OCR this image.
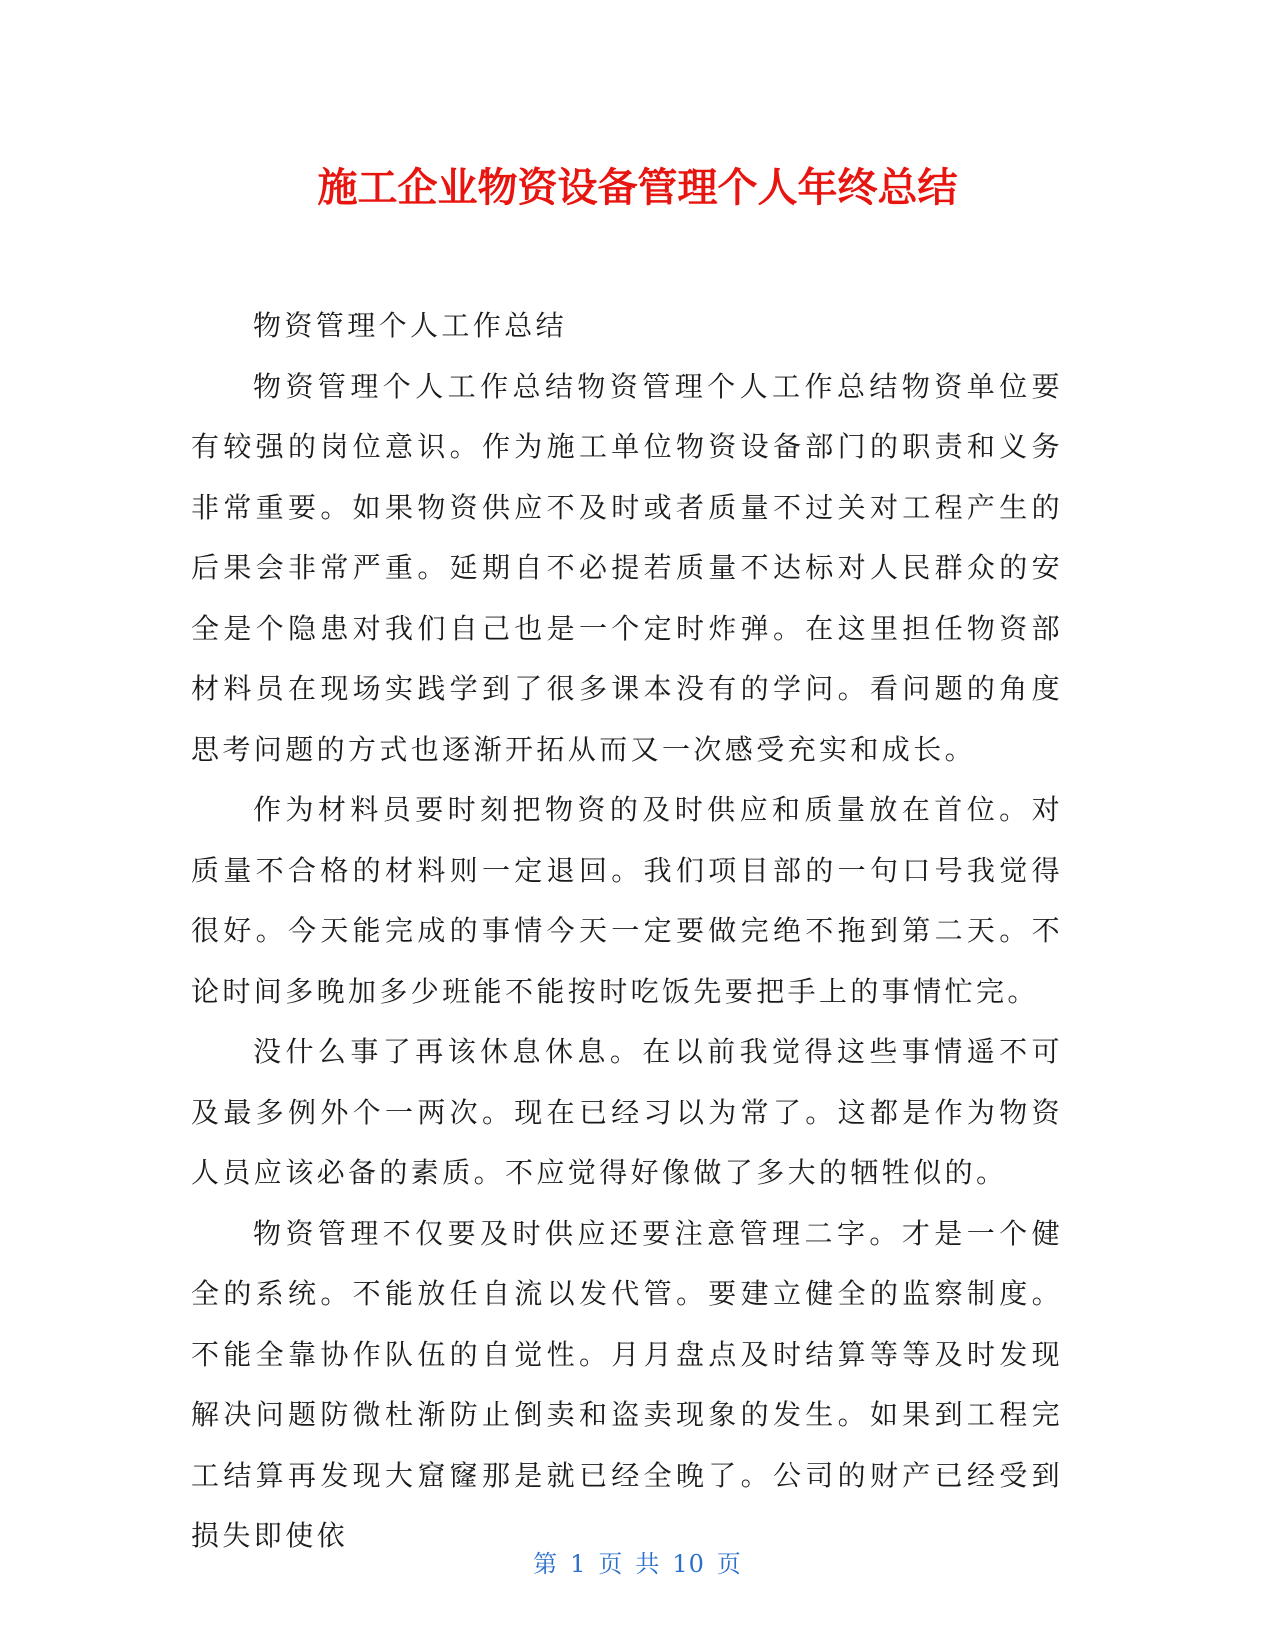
施工企业物资设备管理个人年终总结

物资管理个人工作总结

物资管理个人工作总结物资管理个人工作总结物资单位要有较强的岗位意识。作为施工单位物资设备部门的职责和义务非常重要。如果物资供应不及时或者质量不过关对工程产生的后果会非常严重。延期自不必提若质量不达标对人民群众的安全是个隐患对我们自己也是一个定时炸弹。在这里担任物资部材料员在现场实践学到了很多课本没有的学问。看问题的角度思考问题的方式也逐渐开拓从而又一次感受充实和成长。

作为材料员要时刻把物资的及时供应和质量放在首位。对质量不合格的材料则一定退回。我们项目部的一句口号我觉得很好。今天能完成的事情今天一定要做完绝不拖到第二天。不论时间多晚加多少班能不能按时吃饭先要把手上的事情忙完。

没什么事了再该休息休息。在以前我觉得这些事情遥不可及最多例外个一两次。现在已经习以为常了。这都是作为物资人员应该必备的素质。不应觉得好像做了多大的牺牲似的。

物资管理不仅要及时供应还要注意管理二字。才是一个健全的系统。不能放任自流以发代管。要建立健全的监察制度。不能全靠协作队伍的自觉性。月月盘点及时结算等等及时发现解决问题防微杜渐防止倒卖和盗卖现象的发生。如果到工程完工结算再发现大窟窿那是就已经全晚了。公司的财产已经受到损失即使依

第 1 页 共 10 页
